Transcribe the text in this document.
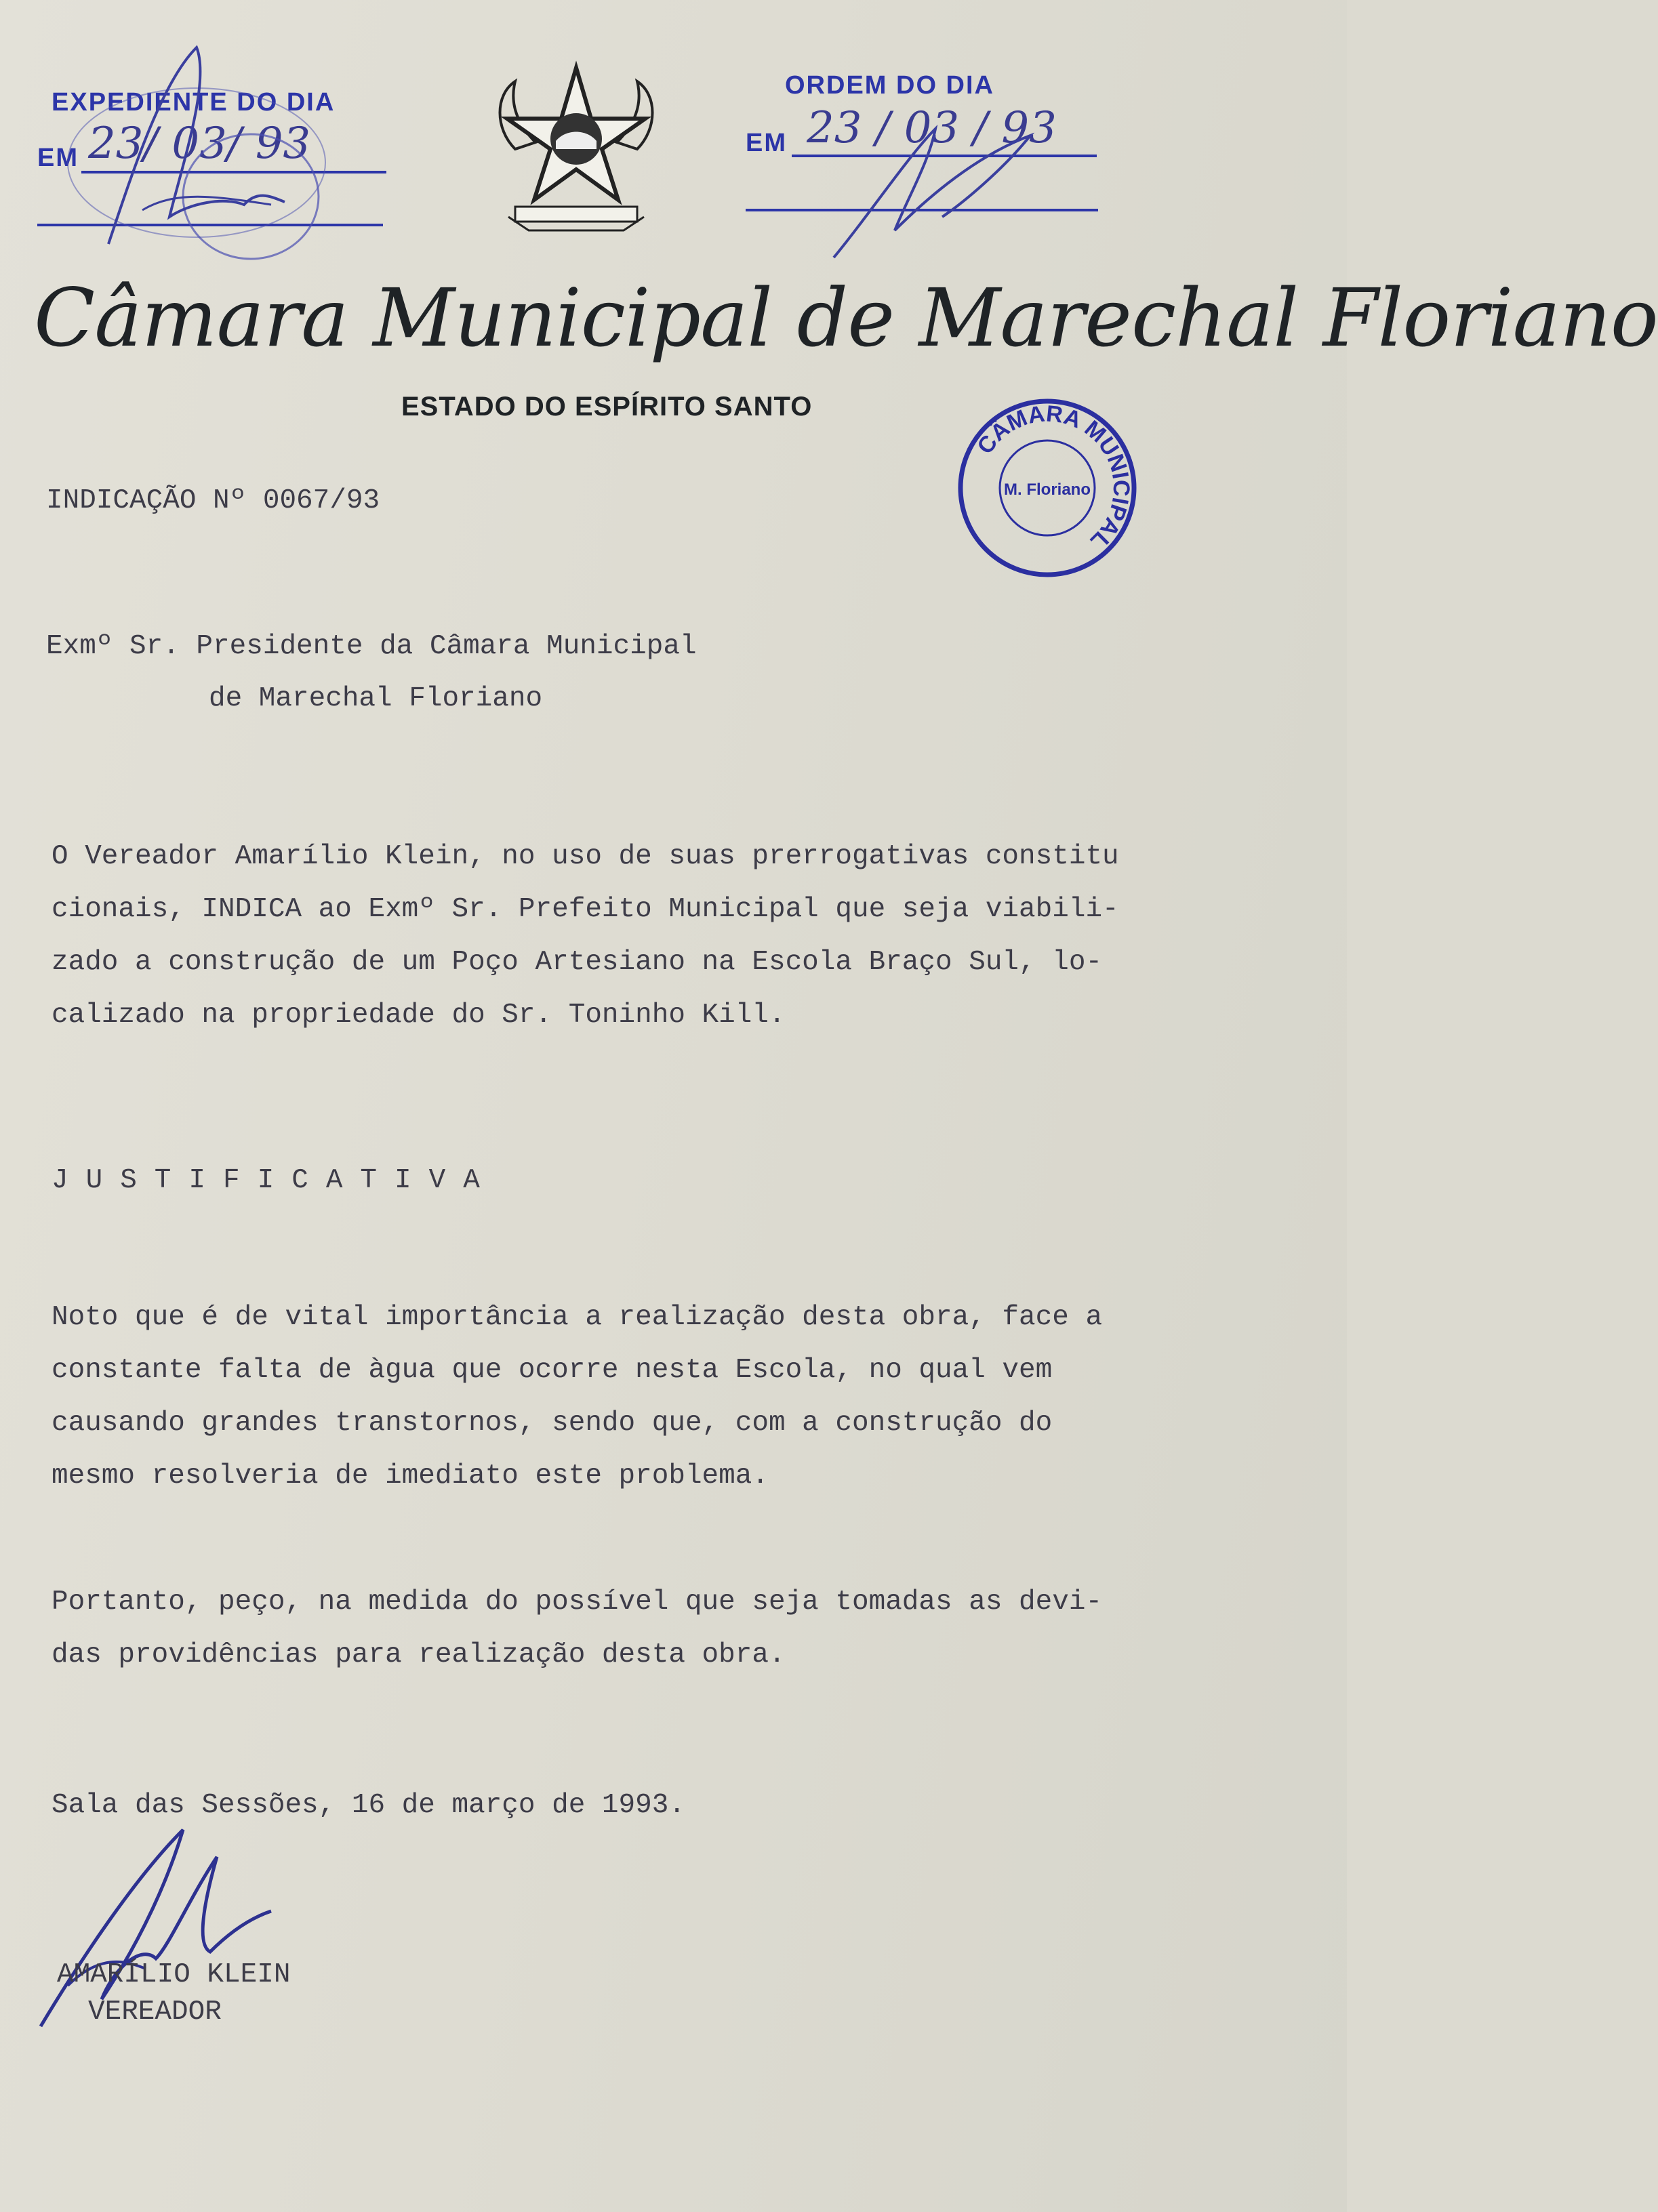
EXPEDIENTE DO DIA
EM 23/ 03/ 93
ORDEM DO DIA
EM 23 / 03 / 93
Câmara Municipal de Marechal Floriano
ESTADO DO ESPÍRITO SANTO
CÂMARA MUNICIPAL
M. Floriano
INDICAÇÃO Nº 0067/93
Exmº Sr. Presidente da Câmara Municipal
de Marechal Floriano
O Vereador Amarílio Klein, no uso de suas prerrogativas constitu
cionais, INDICA ao Exmº Sr. Prefeito Municipal que seja viabili-
zado a construção de um Poço Artesiano na Escola Braço Sul, lo-
calizado na propriedade do Sr. Toninho Kill.
JUSTIFICATIVA
Noto que é de vital importância a realização desta obra, face a
constante falta de àgua que ocorre nesta Escola, no qual vem
causando grandes transtornos, sendo que, com a construção do
mesmo resolveria de imediato este problema.
Portanto, peço, na medida do possível que seja tomadas as devi-
das providências para realização desta obra.
Sala das Sessões, 16 de março de 1993.
AMARÍLIO KLEIN
VEREADOR
